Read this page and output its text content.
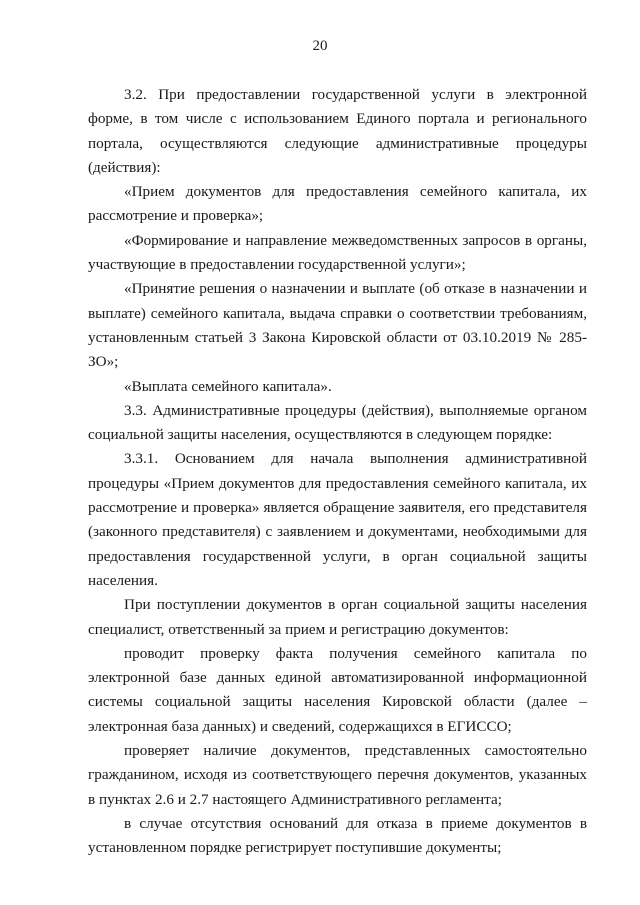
20

3.2. При предоставлении государственной услуги в электронной форме, в том числе с использованием Единого портала и регионального портала, осуществляются следующие административные процедуры (действия):

«Прием документов для предоставления семейного капитала, их рассмотрение и проверка»;

«Формирование и направление межведомственных запросов в органы, участвующие в предоставлении государственной услуги»;

«Принятие решения о назначении и выплате (об отказе в назначении и выплате) семейного капитала, выдача справки о соответствии требованиям, установленным статьей 3 Закона Кировской области от 03.10.2019 № 285-ЗО»;

«Выплата семейного капитала».

3.3. Административные процедуры (действия), выполняемые органом социальной защиты населения, осуществляются в следующем порядке:

3.3.1. Основанием для начала выполнения административной процедуры «Прием документов для предоставления семейного капитала, их рассмотрение и проверка» является обращение заявителя, его представителя (законного представителя) с заявлением и документами, необходимыми для предоставления государственной услуги, в орган социальной защиты населения.

При поступлении документов в орган социальной защиты населения специалист, ответственный за прием и регистрацию документов:

проводит проверку факта получения семейного капитала по электронной базе данных единой автоматизированной информационной системы социальной защиты населения Кировской области (далее – электронная база данных) и сведений, содержащихся в ЕГИССО;

проверяет наличие документов, представленных самостоятельно гражданином, исходя из соответствующего перечня документов, указанных в пунктах 2.6 и 2.7 настоящего Административного регламента;

в случае отсутствия оснований для отказа в приеме документов в установленном порядке регистрирует поступившие документы;
